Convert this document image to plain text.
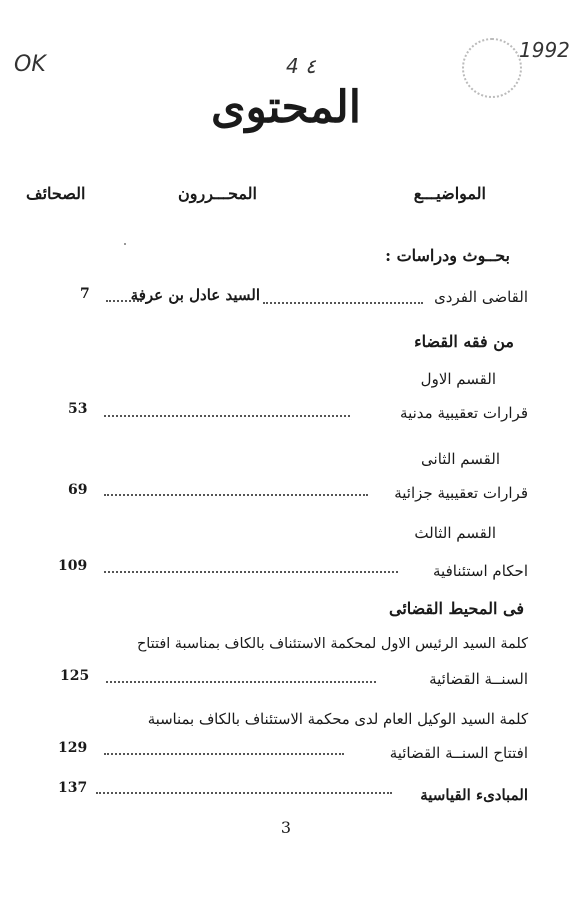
OK	4 ٤
1992
المحتوى
المواضيـــع
المحـــررون
الصحائف
بحــوث ودراسات :
القاضى الفردى
السيد عادل بن عرفة
7
من فقه القضاء
القسم الاول
قرارات تعقيبية مدنية
53
القسم الثانى
قرارات تعقيبية جزائية
69
القسم الثالث
احكام استئنافية
109
فى المحيط القضائى
كلمة السيد الرئيس الاول لمحكمة الاستئناف بالكاف بمناسبة افتتاح
السنــة القضائية
125
كلمة السيد الوكيل العام لدى محكمة الاستئناف بالكاف بمناسبة
افتتاح السنــة القضائية
129
المبادىء القياسية
137
3
